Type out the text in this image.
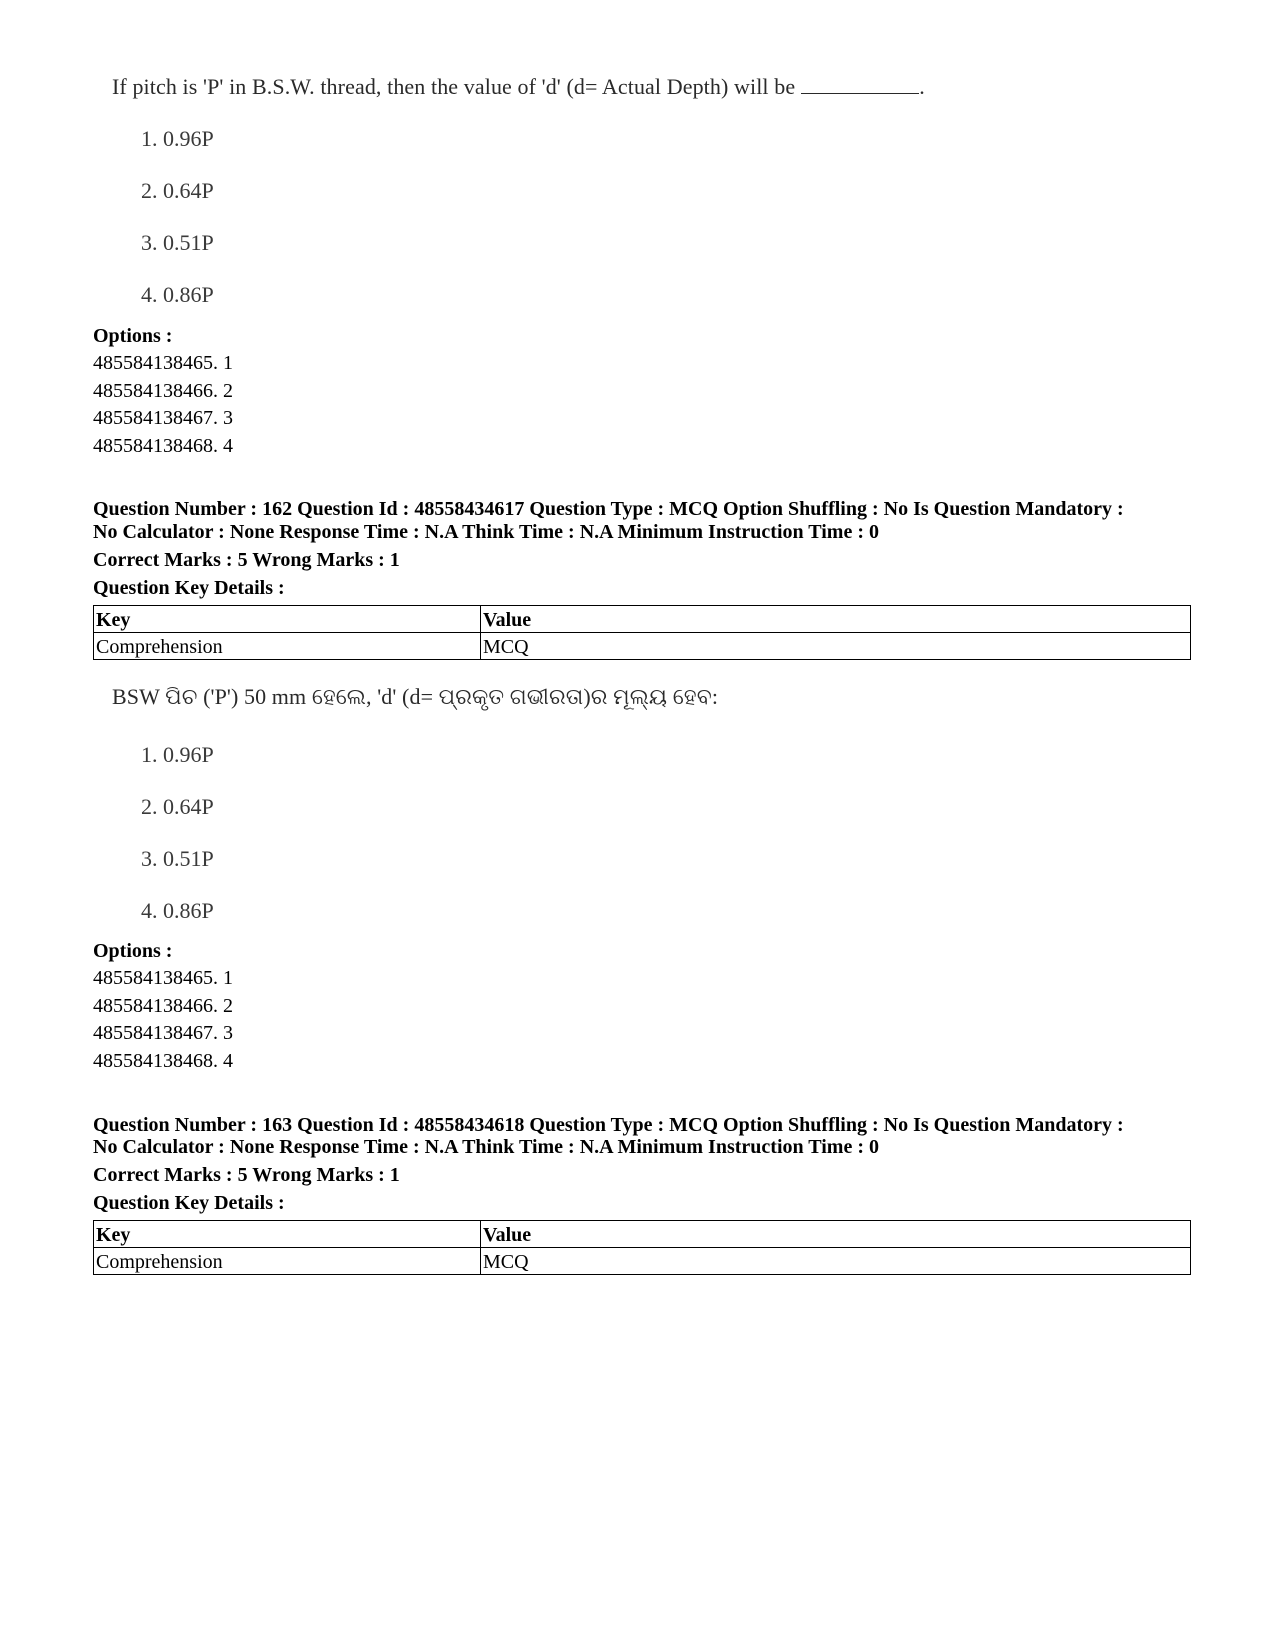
If pitch is 'P' in B.S.W. thread, then the value of 'd' (d= Actual Depth) will be	.
1. 0.96P
2. 0.64P
3. 0.51P
4. 0.86P
Options :
485584138465. 1
485584138466. 2
485584138467. 3
485584138468. 4
Question Number : 162 Question Id : 48558434617 Question Type : MCQ Option Shuffling : No Is Question Mandatory :
No Calculator : None Response Time : N.A Think Time : N.A Minimum Instruction Time : 0
Correct Marks : 5 Wrong Marks : 1
Question Key Details :
Key	Value
Comprehension	MCQ
BSW ପିଚ ('P') 50 mm ହେଲେ, 'd' (d= ପ୍ରକୃତ ଗଭୀରତା)ର ମୂଲ୍ୟ ହେବ:
1. 0.96P
2. 0.64P
3. 0.51P
4. 0.86P
Options :
485584138465. 1
485584138466. 2
485584138467. 3
485584138468. 4
Question Number : 163 Question Id : 48558434618 Question Type : MCQ Option Shuffling : No Is Question Mandatory :
No Calculator : None Response Time : N.A Think Time : N.A Minimum Instruction Time : 0
Correct Marks : 5 Wrong Marks : 1
Question Key Details :
Key	Value
Comprehension	MCQ
